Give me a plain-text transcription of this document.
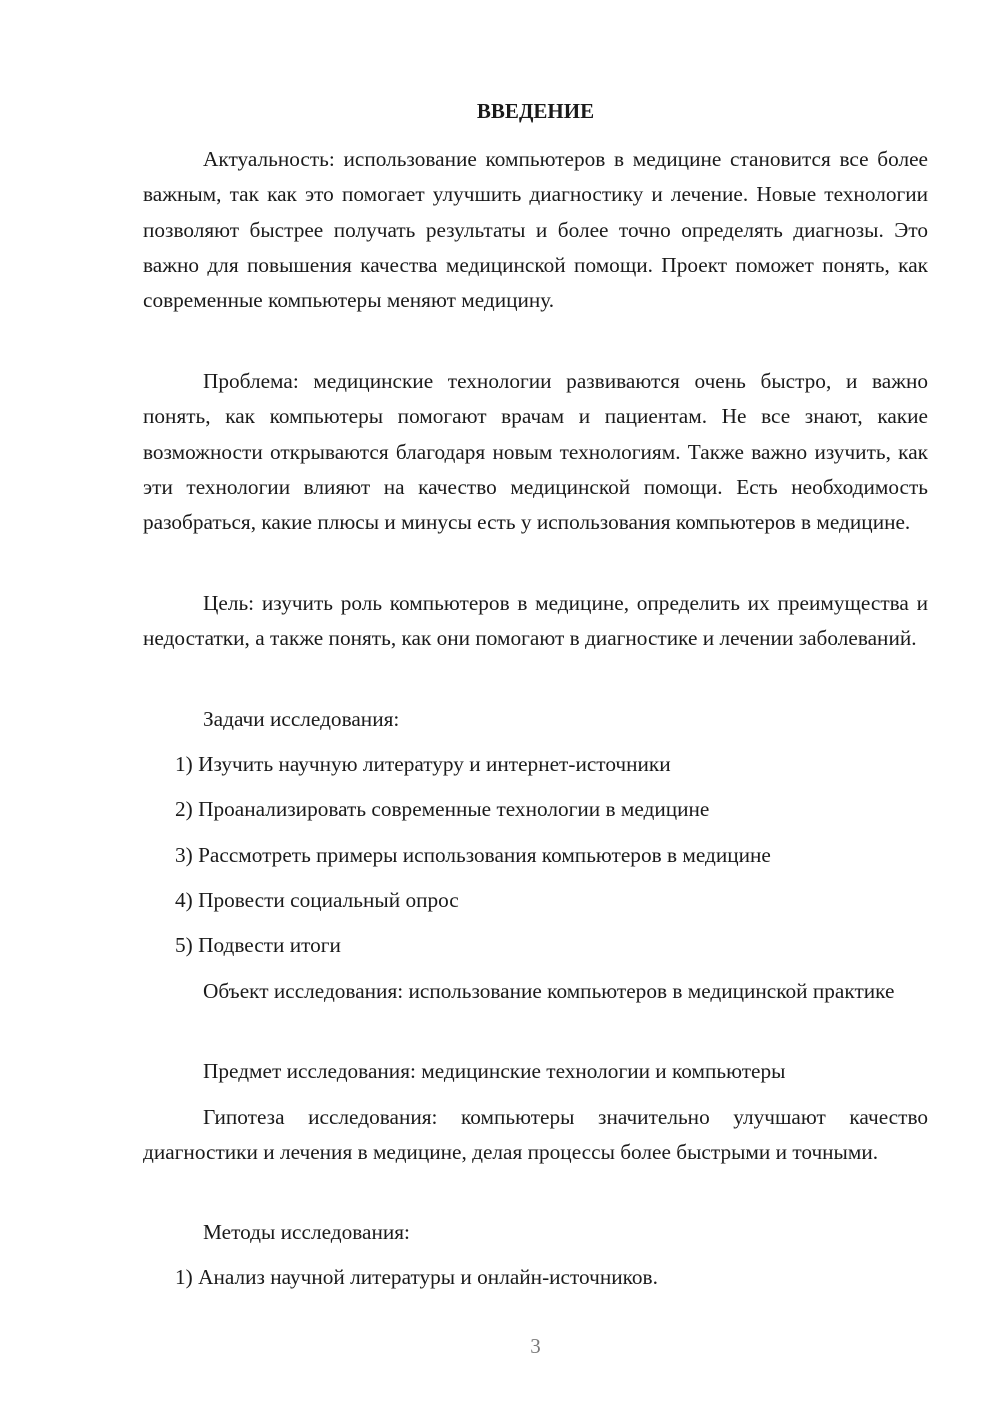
ВВЕДЕНИЕ

Актуальность: использование компьютеров в медицине становится все более важным, так как это помогает улучшить диагностику и лечение. Новые технологии позволяют быстрее получать результаты и более точно определять диагнозы. Это важно для повышения качества медицинской помощи. Проект поможет понять, как современные компьютеры меняют медицину.

Проблема: медицинские технологии развиваются очень быстро, и важно понять, как компьютеры помогают врачам и пациентам. Не все знают, какие возможности открываются благодаря новым технологиям. Также важно изучить, как эти технологии влияют на качество медицинской помощи. Есть необходимость разобраться, какие плюсы и минусы есть у использования компьютеров в медицине.

Цель: изучить роль компьютеров в медицине, определить их преимущества и недостатки, а также понять, как они помогают в диагностике и лечении заболеваний.

Задачи исследования:

1) Изучить научную литературу и интернет-источники

2) Проанализировать современные технологии в медицине

3) Рассмотреть примеры использования компьютеров в медицине

4) Провести социальный опрос

5) Подвести итоги

Объект исследования: использование компьютеров в медицинской практике

Предмет исследования: медицинские технологии и компьютеры

Гипотеза исследования: компьютеры значительно улучшают качество диагностики и лечения в медицине, делая процессы более быстрыми и точными.

Методы исследования:

1) Анализ научной литературы и онлайн-источников.

3
